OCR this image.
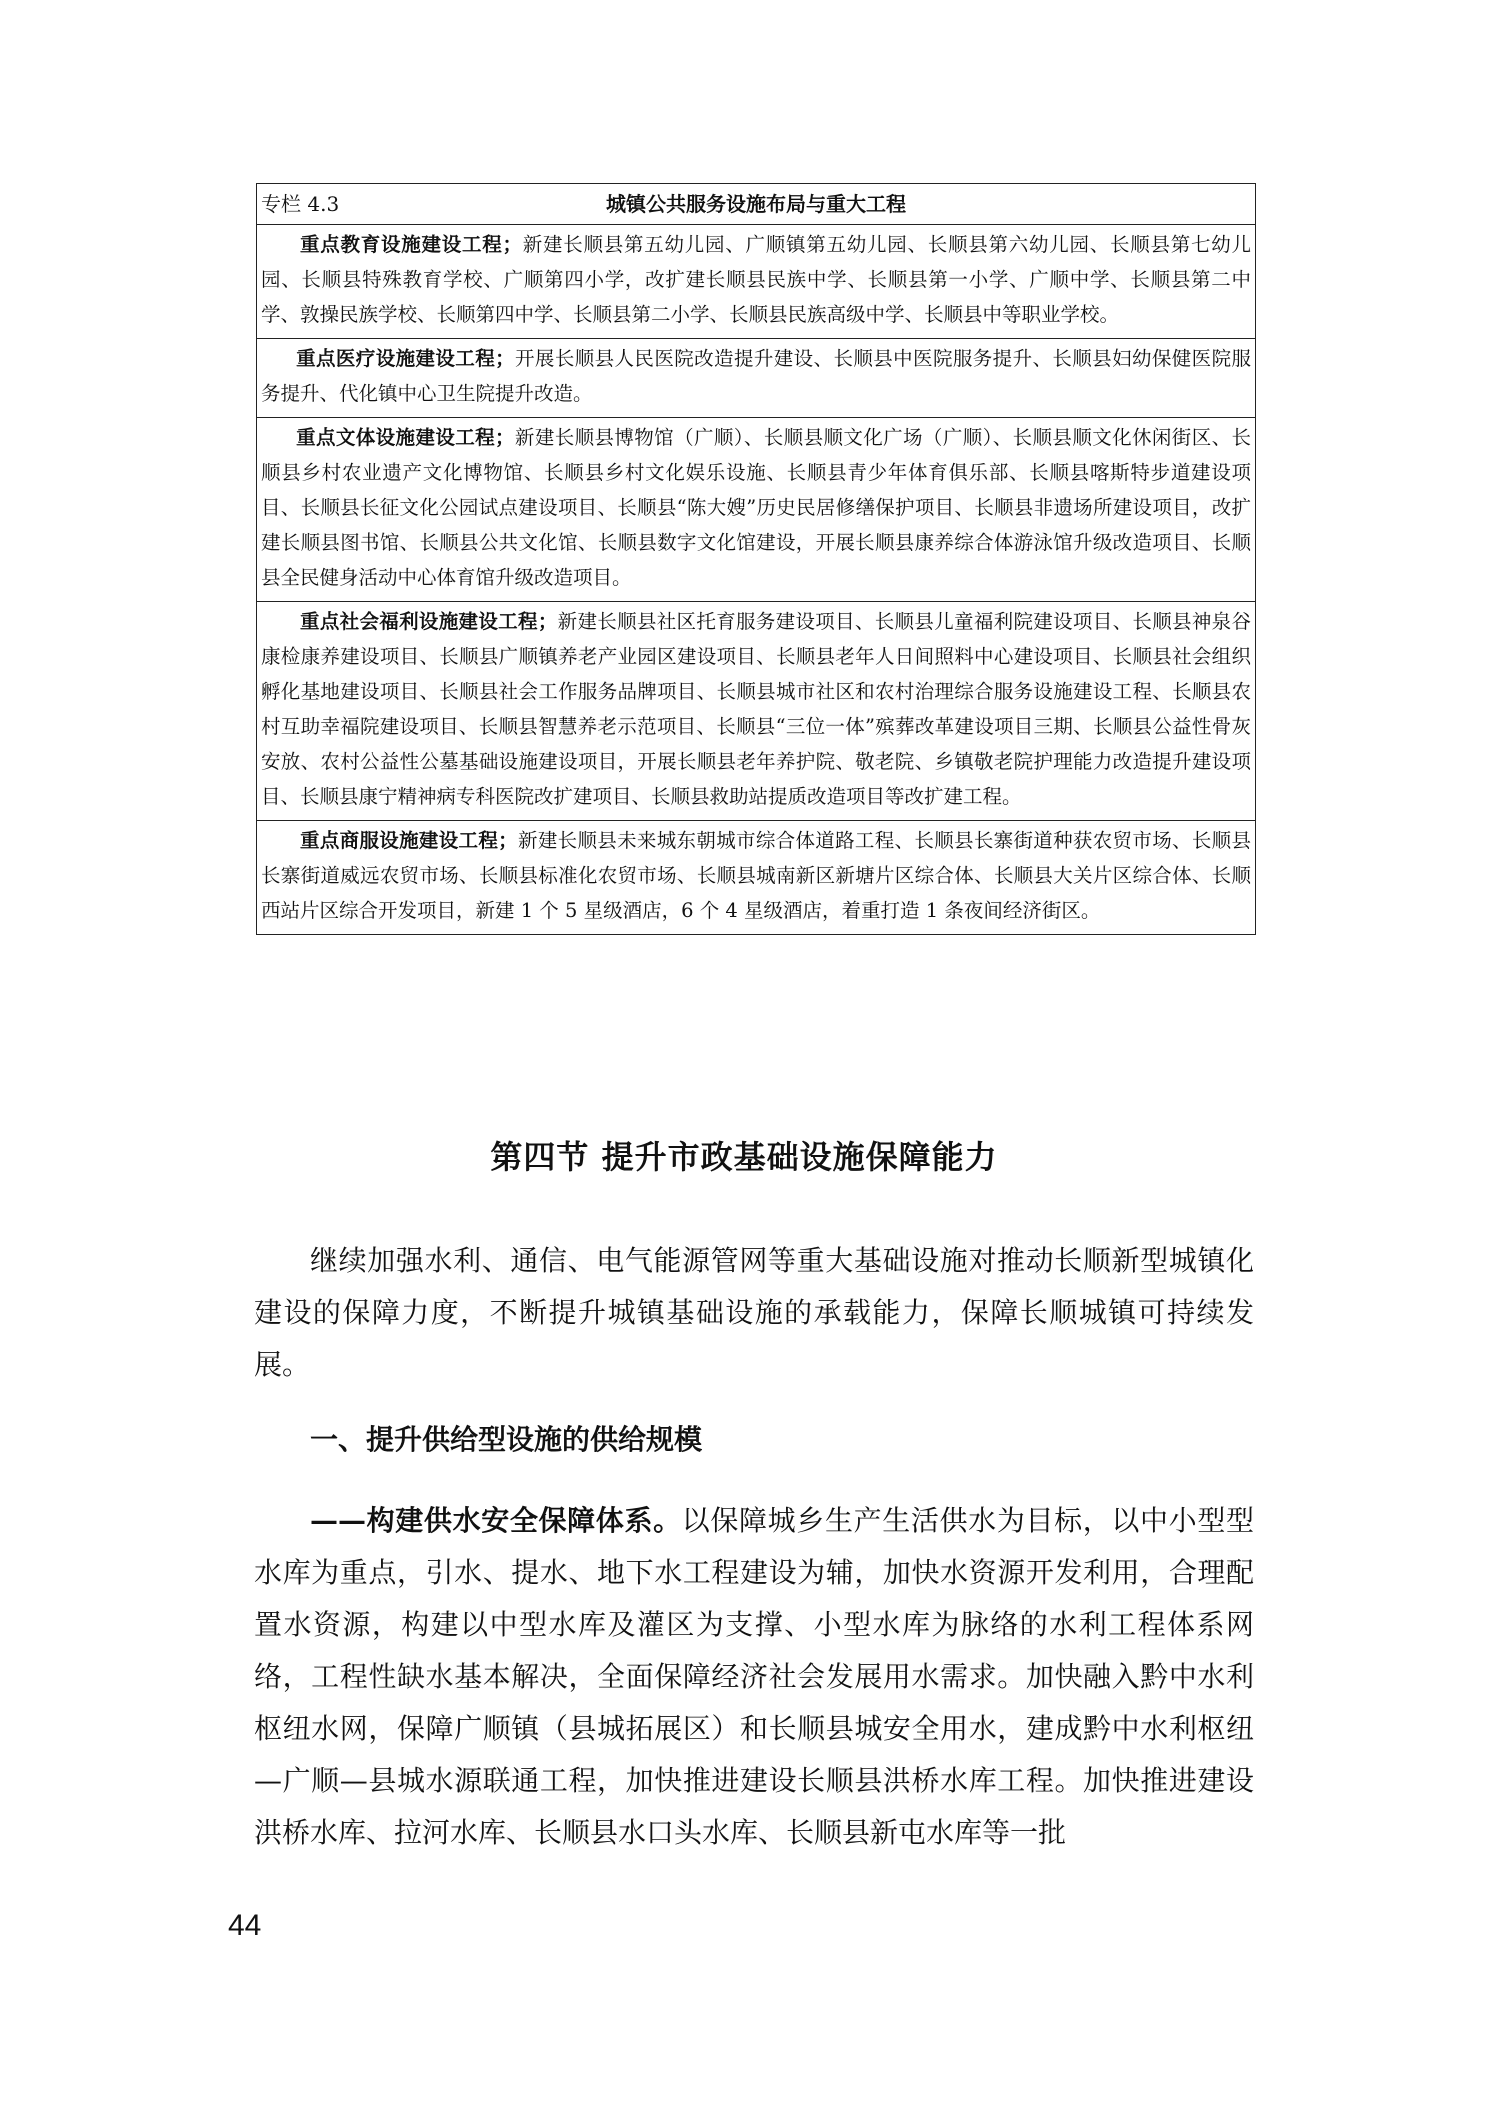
专栏 4.3	城镇公共服务设施布局与重大工程
重点教育设施建设工程；新建长顺县第五幼儿园、广顺镇第五幼儿园、长顺县第六幼儿园、长顺县第七幼儿园、长顺县特殊教育学校、广顺第四小学，改扩建长顺县民族中学、长顺县第一小学、广顺中学、长顺县第二中学、敦操民族学校、长顺第四中学、长顺县第二小学、长顺县民族高级中学、长顺县中等职业学校。
重点医疗设施建设工程；开展长顺县人民医院改造提升建设、长顺县中医院服务提升、长顺县妇幼保健医院服务提升、代化镇中心卫生院提升改造。
重点文体设施建设工程；新建长顺县博物馆（广顺）、长顺县顺文化广场（广顺）、长顺县顺文化休闲街区、长顺县乡村农业遗产文化博物馆、长顺县乡村文化娱乐设施、长顺县青少年体育俱乐部、长顺县喀斯特步道建设项目、长顺县长征文化公园试点建设项目、长顺县“陈大嫂”历史民居修缮保护项目、长顺县非遗场所建设项目，改扩建长顺县图书馆、长顺县公共文化馆、长顺县数字文化馆建设，开展长顺县康养综合体游泳馆升级改造项目、长顺县全民健身活动中心体育馆升级改造项目。
重点社会福利设施建设工程；新建长顺县社区托育服务建设项目、长顺县儿童福利院建设项目、长顺县神泉谷康检康养建设项目、长顺县广顺镇养老产业园区建设项目、长顺县老年人日间照料中心建设项目、长顺县社会组织孵化基地建设项目、长顺县社会工作服务品牌项目、长顺县城市社区和农村治理综合服务设施建设工程、长顺县农村互助幸福院建设项目、长顺县智慧养老示范项目、长顺县“三位一体”殡葬改革建设项目三期、长顺县公益性骨灰安放、农村公益性公墓基础设施建设项目，开展长顺县老年养护院、敬老院、乡镇敬老院护理能力改造提升建设项目、长顺县康宁精神病专科医院改扩建项目、长顺县救助站提质改造项目等改扩建工程。
重点商服设施建设工程；新建长顺县未来城东朝城市综合体道路工程、长顺县长寨街道种获农贸市场、长顺县长寨街道威远农贸市场、长顺县标准化农贸市场、长顺县城南新区新塘片区综合体、长顺县大关片区综合体、长顺西站片区综合开发项目，新建 1 个 5 星级酒店，6 个 4 星级酒店，着重打造 1 条夜间经济街区。
第四节 提升市政基础设施保障能力

继续加强水利、通信、电气能源管网等重大基础设施对推动长顺新型城镇化建设的保障力度，不断提升城镇基础设施的承载能力，保障长顺城镇可持续发展。

一、提升供给型设施的供给规模

——构建供水安全保障体系。以保障城乡生产生活供水为目标，以中小型型水库为重点，引水、提水、地下水工程建设为辅，加快水资源开发利用，合理配置水资源，构建以中型水库及灌区为支撑、小型水库为脉络的水利工程体系网络，工程性缺水基本解决，全面保障经济社会发展用水需求。加快融入黔中水利枢纽水网，保障广顺镇（县城拓展区）和长顺县城安全用水，建成黔中水利枢纽—广顺—县城水源联通工程，加快推进建设长顺县洪桥水库工程。加快推进建设洪桥水库、拉河水库、长顺县水口头水库、长顺县新屯水库等一批

44
